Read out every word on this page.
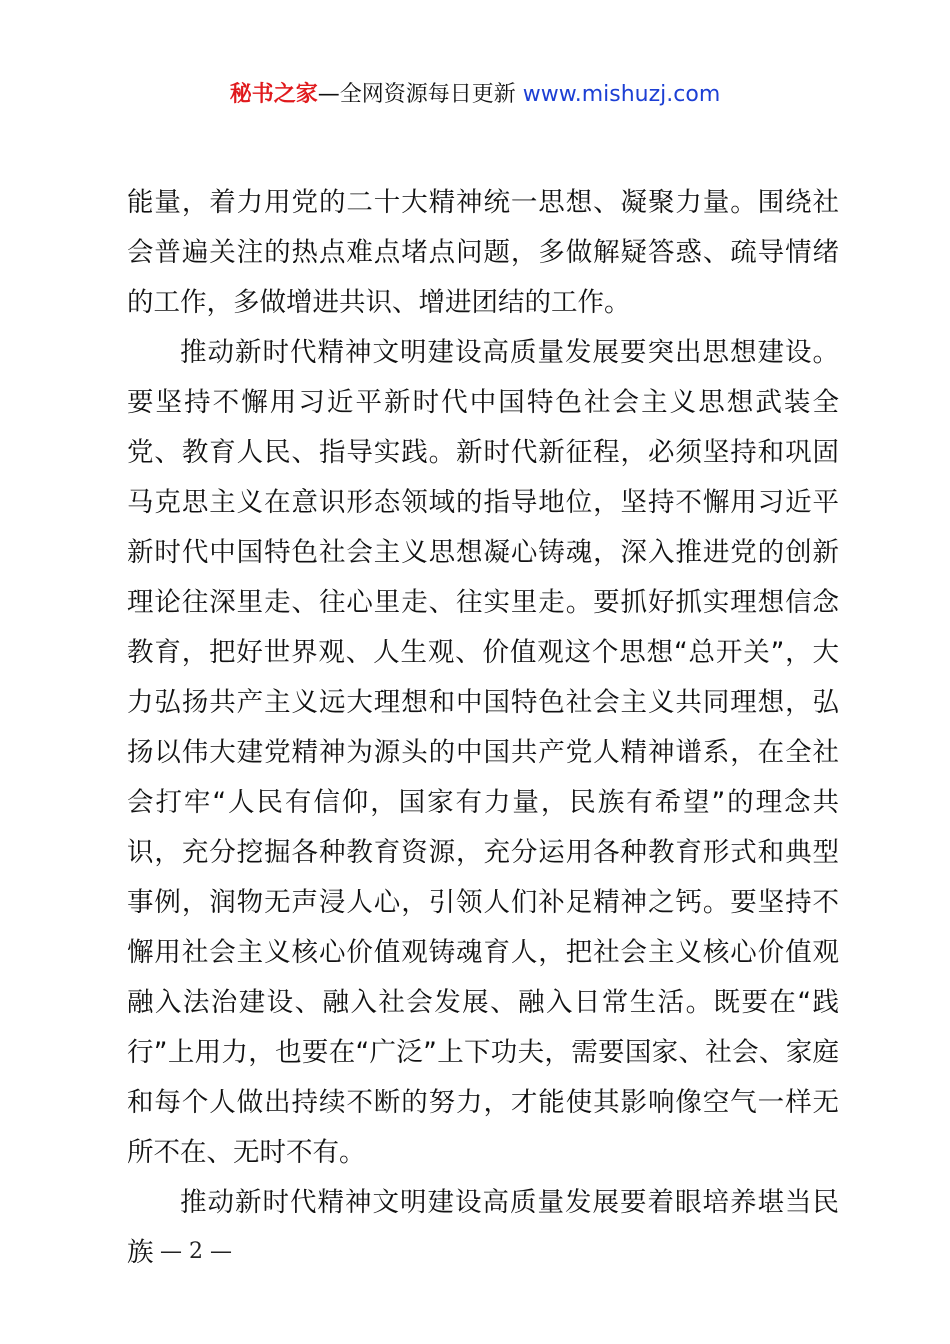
秘书之家—全网资源每日更新 www.mishuzj.com

能量，着力用党的二十大精神统一思想、凝聚力量。围绕社会普遍关注的热点难点堵点问题，多做解疑答惑、疏导情绪的工作，多做增进共识、增进团结的工作。

推动新时代精神文明建设高质量发展要突出思想建设。要坚持不懈用习近平新时代中国特色社会主义思想武装全党、教育人民、指导实践。新时代新征程，必须坚持和巩固马克思主义在意识形态领域的指导地位，坚持不懈用习近平新时代中国特色社会主义思想凝心铸魂，深入推进党的创新理论往深里走、往心里走、往实里走。要抓好抓实理想信念教育，把好世界观、人生观、价值观这个思想“总开关”，大力弘扬共产主义远大理想和中国特色社会主义共同理想，弘扬以伟大建党精神为源头的中国共产党人精神谱系，在全社会打牢“人民有信仰，国家有力量，民族有希望”的理念共识，充分挖掘各种教育资源，充分运用各种教育形式和典型事例，润物无声浸人心，引领人们补足精神之钙。要坚持不懈用社会主义核心价值观铸魂育人，把社会主义核心价值观融入法治建设、融入社会发展、融入日常生活。既要在“践行”上用力，也要在“广泛”上下功夫，需要国家、社会、家庭和每个人做出持续不断的努力，才能使其影响像空气一样无所不在、无时不有。

推动新时代精神文明建设高质量发展要着眼培养堪当民族 — 2 —
